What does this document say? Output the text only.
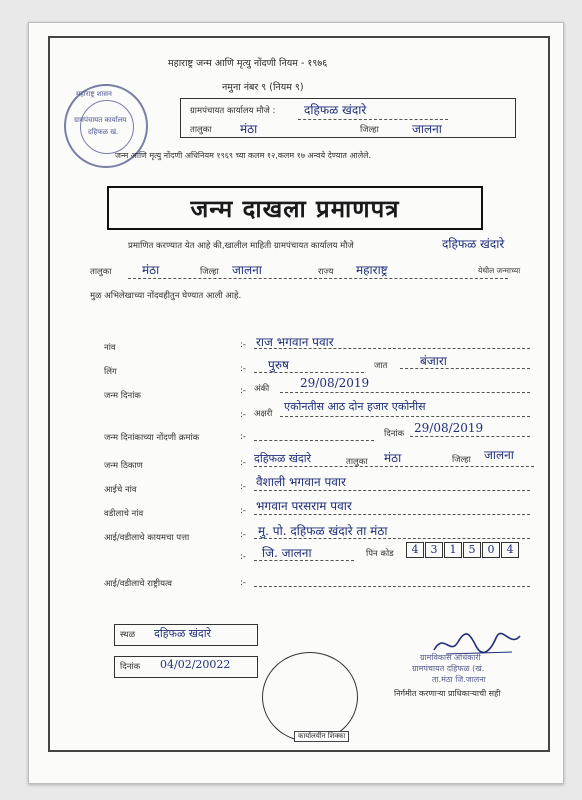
महाराष्ट्र शासन
ग्रामपंचायत कार्यालय
दहिफळ खं.
महाराष्ट्र जन्म आणि मृत्यु नोंदणी नियम - १९७६
नमुना नंबर ९ (नियम ९)
ग्रामपंचायत कार्यालय मौजे : दहिफळ खंदारे
तालुका मंठा	जिल्हा	जालना
जन्म आणि मृत्यु नोंदणी अधिनियम १९६९ च्या कलम १२,कलम १७ अन्वये देण्यात आलेले.
जन्म दाखला प्रमाणपत्र
प्रमाणित करण्यात येत आहे की,खालील माहिती ग्रामपंचायत कार्यालय मौजे	दहिफळ खंदारे
तालुका	मंठा	जिल्हा जालना	राज्य महाराष्ट्र	येथील जन्माच्या
मुळ अभिलेखाच्या नोंदवहीतुन घेण्यात आली आहे.
नांव	:- राज भगवान पवार
लिंग	:- पुरुष	जात	बंजारा
जन्म दिनांक	:- अंकी	29/08/2019
:- अक्षरी
एकोनतीस आठ दोन हजार एकोनीस
जन्म दिनांकाच्या नोंदणी क्रमांक	:-	दिनांक 29/08/2019
जन्म ठिकाण	:- दहिफळ खंदारे	तालुका मंठा	जिल्हा जालना
आईचे नांव	:- वैशाली भगवान पवार
वडीलाचे नांव	:- भगवान परसराम पवार
आई/वडीलाचे कायमचा पत्ता	:- मु. पो. दहिफळ खंदारे ता मंठा
:- जि. जालना	पिन कोड	4 3 1 5 0 4
आई/वडीलाचे राष्ट्रीयत्व	:-
स्थळ दहिफळ खंदारे
दिनांक 04/02/20022
कार्यालयीन शिक्का
ग्रामविकास अधिकारी
ग्रामपंचायत दहिफळ (खं.
ता.मंठा जि.जालना
निर्गमीत करणाऱ्या प्राधिकाऱ्याची सही
